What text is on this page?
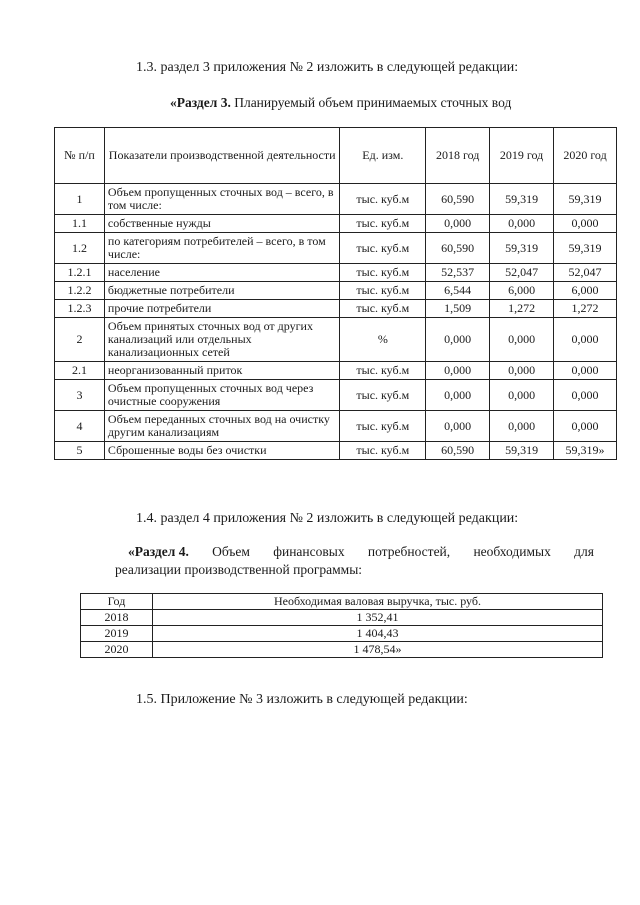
1.3. раздел 3 приложения № 2 изложить в следующей редакции:

«Раздел 3. Планируемый объем принимаемых сточных вод

№ п/п	Показатели производственной деятельности	Ед. изм.	2018 год	2019 год	2020 год
1	Объем пропущенных сточных вод – всего, в том числе:	тыс. куб.м	60,590	59,319	59,319
1.1	собственные нужды	тыс. куб.м	0,000	0,000	0,000
1.2	по категориям потребителей – всего, в том числе:	тыс. куб.м	60,590	59,319	59,319
1.2.1	население	тыс. куб.м	52,537	52,047	52,047
1.2.2	бюджетные потребители	тыс. куб.м	6,544	6,000	6,000
1.2.3	прочие потребители	тыс. куб.м	1,509	1,272	1,272
2	Объем принятых сточных вод от других канализаций или отдельных канализационных сетей	%	0,000	0,000	0,000
2.1	неорганизованный приток	тыс. куб.м	0,000	0,000	0,000
3	Объем пропущенных сточных вод через очистные сооружения	тыс. куб.м	0,000	0,000	0,000
4	Объем переданных сточных вод на очистку другим канализациям	тыс. куб.м	0,000	0,000	0,000
5	Сброшенные воды без очистки	тыс. куб.м	60,590	59,319	59,319»

1.4. раздел 4 приложения № 2 изложить в следующей редакции:

«Раздел 4. Объем финансовых потребностей, необходимых для

реализации производственной программы:

Год	Необходимая валовая выручка, тыс. руб.
2018	1 352,41
2019	1 404,43
2020	1 478,54»

1.5. Приложение № 3 изложить в следующей редакции:
